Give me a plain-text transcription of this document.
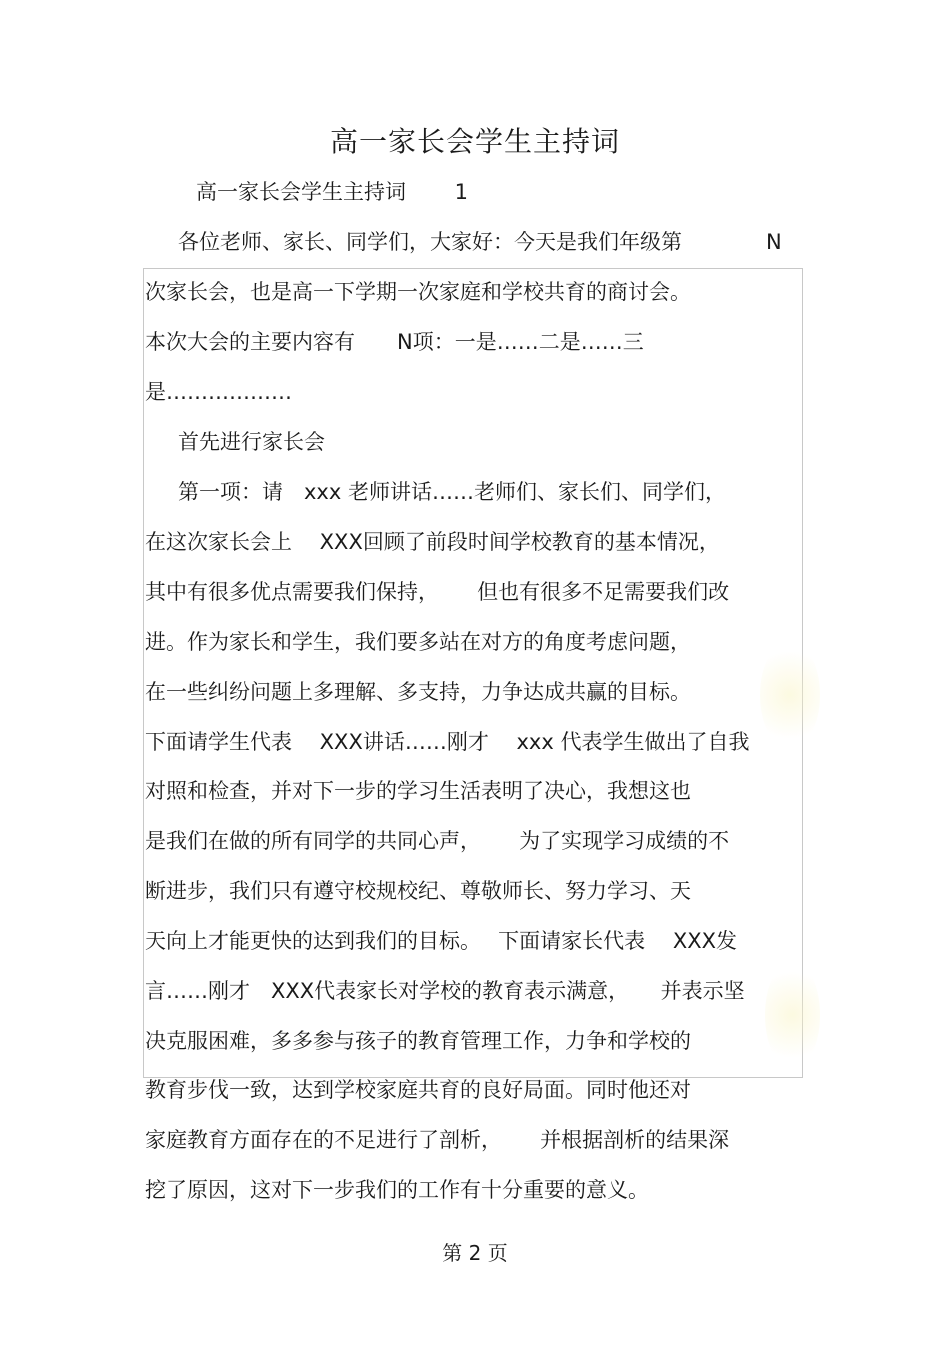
高一家长会学生主持词
高一家长会学生主持词　　 1
各位老师、家长、同学们，大家好：今天是我们年级第　　　　N
次家长会，也是高一下学期一次家庭和学校共育的商讨会。
本次大会的主要内容有　　N项：一是……二是……三
是………………
首先进行家长会
第一项：请　xxx 老师讲话……老师们、家长们、同学们，
在这次家长会上　 XXX回顾了前段时间学校教育的基本情况，
其中有很多优点需要我们保持，　　 但也有很多不足需要我们改
进。作为家长和学生，我们要多站在对方的角度考虑问题，
在一些纠纷问题上多理解、多支持，力争达成共赢的目标。
下面请学生代表　 XXX讲话……刚才　 xxx 代表学生做出了自我
对照和检查，并对下一步的学习生活表明了决心，我想这也
是我们在做的所有同学的共同心声，　　 为了实现学习成绩的不
断进步，我们只有遵守校规校纪、尊敬师长、努力学习、天
天向上才能更快的达到我们的目标。　 下面请家长代表　 XXX发
言……刚才　XXX代表家长对学校的教育表示满意，　　并表示坚
决克服困难，多多参与孩子的教育管理工作，力争和学校的
教育步伐一致，达到学校家庭共育的良好局面。同时他还对
家庭教育方面存在的不足进行了剖析，　　 并根据剖析的结果深
挖了原因，这对下一步我们的工作有十分重要的意义。
第 2 页
